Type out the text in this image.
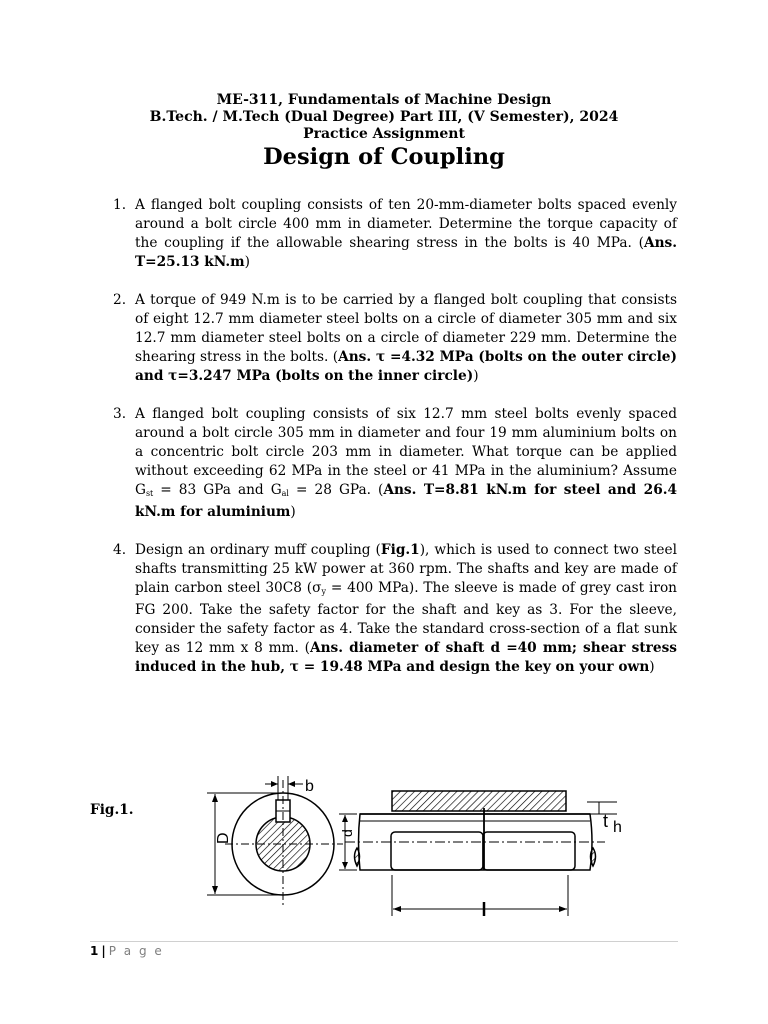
ME-311, Fundamentals of Machine Design
B.Tech. / M.Tech (Dual Degree) Part III, (V Semester), 2024
Practice Assignment
Design of Coupling
1. A flanged bolt coupling consists of ten 20-mm-diameter bolts spaced evenly around a bolt circle 400 mm in diameter. Determine the torque capacity of the coupling if the allowable shearing stress in the bolts is 40 MPa. (Ans. T=25.13 kN.m)
2. A torque of 949 N.m is to be carried by a flanged bolt coupling that consists of eight 12.7 mm diameter steel bolts on a circle of diameter 305 mm and six 12.7 mm diameter steel bolts on a circle of diameter 229 mm. Determine the shearing stress in the bolts. (Ans. τ =4.32 MPa (bolts on the outer circle) and τ=3.247 MPa (bolts on the inner circle))
3. A flanged bolt coupling consists of six 12.7 mm steel bolts evenly spaced around a bolt circle 305 mm in diameter and four 19 mm aluminium bolts on a concentric bolt circle 203 mm in diameter. What torque can be applied without exceeding 62 MPa in the steel or 41 MPa in the aluminium? Assume $G_{st} = 83$ GPa and $G_{al} = 28$ GPa. (Ans. T=8.81 kN.m for steel and 26.4 kN.m for aluminium)
4. Design an ordinary muff coupling (Fig.1), which is used to connect two steel shafts transmitting 25 kW power at 360 rpm. The shafts and key are made of plain carbon steel 30C8 ($\sigma_y = 400$ MPa). The sleeve is made of grey cast iron FG 200. Take the safety factor for the shaft and key as 3. For the sleeve, consider the safety factor as 4. Take the standard cross-section of a flat sunk key as 12 mm x 8 mm. (Ans. diameter of shaft d =40 mm; shear stress induced in the hub, τ = 19.48 MPa and design the key on your own)
Fig.1.
b
D	d
t h
1 | P a g e
